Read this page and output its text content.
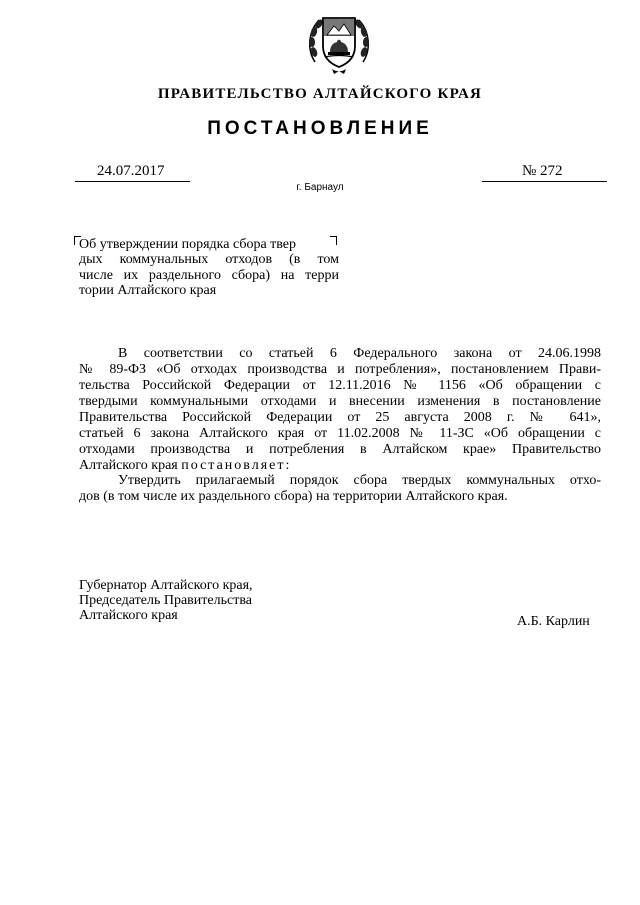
ПРАВИТЕЛЬСТВО АЛТАЙСКОГО КРАЯ
ПОСТАНОВЛЕНИЕ
24.07.2017	№ 272
г. Барнаул
Об утверждении порядка сбора твер
дых коммунальных отходов (в том
числе их раздельного сбора) на терри
тории Алтайского края
В соответствии со статьей 6 Федерального закона от 24.06.1998
№ 89-ФЗ «Об отходах производства и потребления», постановлением Прави-
тельства Российской Федерации от 12.11.2016 № 1156 «Об обращении с
твердыми коммунальными отходами и внесении изменения в постановление
Правительства Российской Федерации от 25 августа 2008 г. № 641»,
статьей 6 закона Алтайского края от 11.02.2008 № 11-ЗС «Об обращении с
отходами производства и потребления в Алтайском крае» Правительство
Алтайского края постановляет:
Утвердить прилагаемый порядок сбора твердых коммунальных отхо-
дов (в том числе их раздельного сбора) на территории Алтайского края.
Губернатор Алтайского края,
Председатель Правительства
Алтайского края	А.Б. Карлин
